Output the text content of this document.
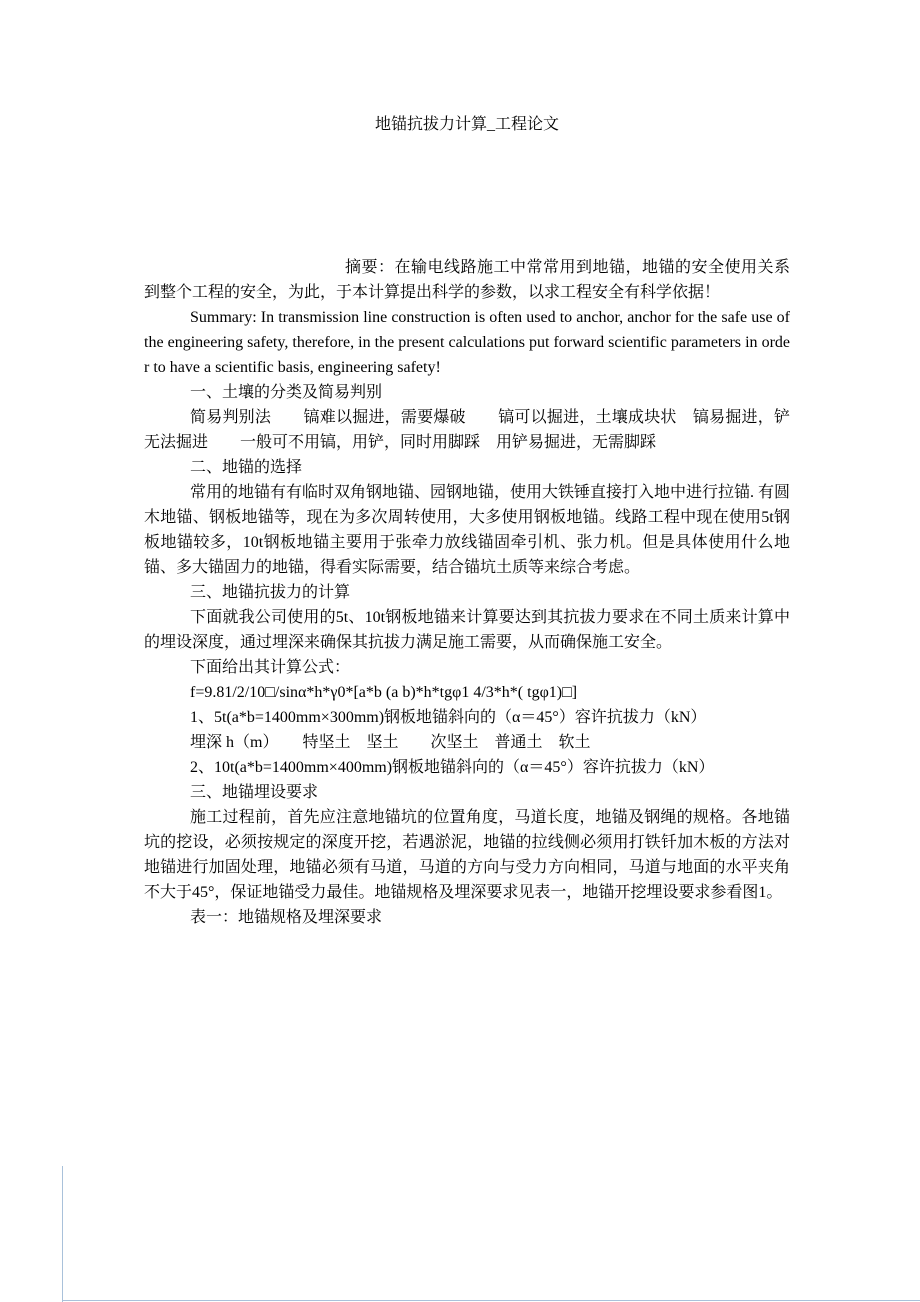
地锚抗拔力计算_工程论文

摘要：在输电线路施工中常常用到地锚，地锚的安全使用关系到整个工程的安全，为此，于本计算提出科学的参数，以求工程安全有科学依据！

Summary: In transmission line construction is often used to anchor, anchor for the safe use of the engineering safety, therefore, in the present calculations put forward scientific parameters in order to have a scientific basis, engineering safety!

一、土壤的分类及简易判别

简易判别法　　镐难以掘进，需要爆破　　镐可以掘进，土壤成块状　镐易掘进，铲无法掘进　　一般可不用镐，用铲，同时用脚踩　用铲易掘进，无需脚踩

二、地锚的选择

常用的地锚有有临时双角钢地锚、园钢地锚，使用大铁锤直接打入地中进行拉锚. 有圆木地锚、钢板地锚等，现在为多次周转使用，大多使用钢板地锚。线路工程中现在使用5t钢板地锚较多，10t钢板地锚主要用于张牵力放线锚固牵引机、张力机。但是具体使用什么地锚、多大锚固力的地锚，得看实际需要，结合锚坑土质等来综合考虑。

三、地锚抗拔力的计算

下面就我公司使用的5t、10t钢板地锚来计算要达到其抗拔力要求在不同土质来计算中的埋设深度，通过埋深来确保其抗拔力满足施工需要，从而确保施工安全。

下面给出其计算公式：

f=9.81/2/10□/sinα*h*γ0*[a*b (a b)*h*tgφ1 4/3*h*( tgφ1)□]

1、5t(a*b=1400mm×300mm)钢板地锚斜向的（α＝45°）容许抗拔力（kN）

埋深 h（m）　　特坚土　坚土　　次坚土　普通土　软土

2、10t(a*b=1400mm×400mm)钢板地锚斜向的（α＝45°）容许抗拔力（kN）

三、地锚埋设要求

施工过程前，首先应注意地锚坑的位置角度，马道长度，地锚及钢绳的规格。各地锚坑的挖设，必须按规定的深度开挖，若遇淤泥，地锚的拉线侧必须用打铁钎加木板的方法对地锚进行加固处理，地锚必须有马道，马道的方向与受力方向相同，马道与地面的水平夹角不大于45°，保证地锚受力最佳。地锚规格及埋深要求见表一，地锚开挖埋设要求参看图1。

表一：地锚规格及埋深要求
